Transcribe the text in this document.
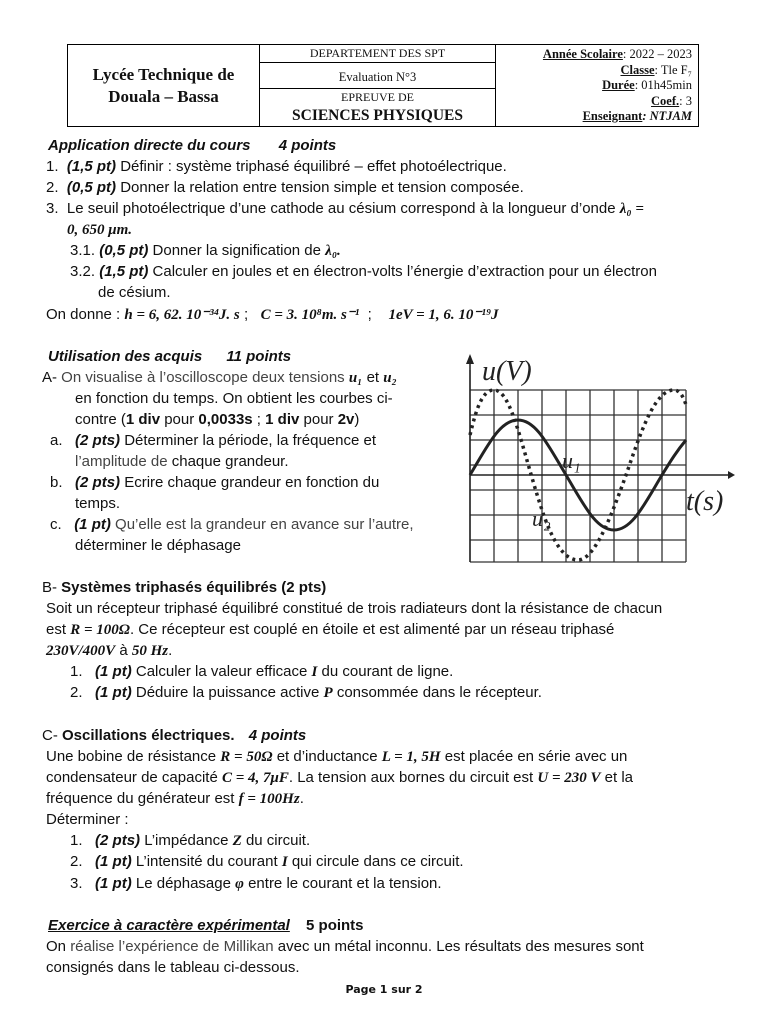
Lycée Technique de
Douala – Bassa
DEPARTEMENT DES SPT
Evaluation N°3
EPREUVE DE
SCIENCES PHYSIQUES
Année Scolaire: 2022 – 2023
Classe: Tle F₇
Durée: 01h45min
Coef.: 3
Enseignant: NTJAM
Application directe du cours 4 points
1. (1,5 pt) Définir : système triphasé équilibré – effet photoélectrique.
2. (0,5 pt) Donner la relation entre tension simple et tension composée.
3. Le seuil photoélectrique d’une cathode au césium correspond à la longueur d’onde λ₀ =
0, 650 μm.
3.1. (0,5 pt) Donner la signification de λ₀.
3.2. (1,5 pt) Calculer en joules et en électron-volts l’énergie d’extraction pour un électron
de césium.
On donne : h = 6, 62. 10⁻³⁴J. s ;   C = 3. 10⁸m. s⁻¹  ;    1eV = 1, 6. 10⁻¹⁹J
Utilisation des acquis 11 points
A- On visualise à l’oscilloscope deux tensions u₁ et u₂
en fonction du temps. On obtient les courbes ci-
contre (1 div pour 0,0033s ; 1 div pour 2v)
a. (2 pts) Déterminer la période, la fréquence et
l’amplitude de chaque grandeur.
b. (2 pts) Ecrire chaque grandeur en fonction du
temps.
c. (1 pt) Qu’elle est la grandeur en avance sur l’autre,
déterminer le déphasage
u(V)
t(s)
u₁
u₂
B- Systèmes triphasés équilibrés (2 pts)
Soit un récepteur triphasé équilibré constitué de trois radiateurs dont la résistance de chacun
est R = 100Ω. Ce récepteur est couplé en étoile et est alimenté par un réseau triphasé
230V/400V à 50 Hz.
1. (1 pt) Calculer la valeur efficace I du courant de ligne.
2. (1 pt) Déduire la puissance active P consommée dans le récepteur.
C- Oscillations électriques. 4 points
Une bobine de résistance R = 50Ω et d’inductance L = 1, 5H est placée en série avec un
condensateur de capacité C = 4, 7μF. La tension aux bornes du circuit est U = 230 V et la
fréquence du générateur est f = 100Hz.
Déterminer :
1. (2 pts) L’impédance Z du circuit.
2. (1 pt) L’intensité du courant I qui circule dans ce circuit.
3. (1 pt) Le déphasage φ entre le courant et la tension.
Exercice à caractère expérimental 5 points
On réalise l’expérience de Millikan avec un métal inconnu. Les résultats des mesures sont
consignés dans le tableau ci-dessous.
Page 1 sur 2
